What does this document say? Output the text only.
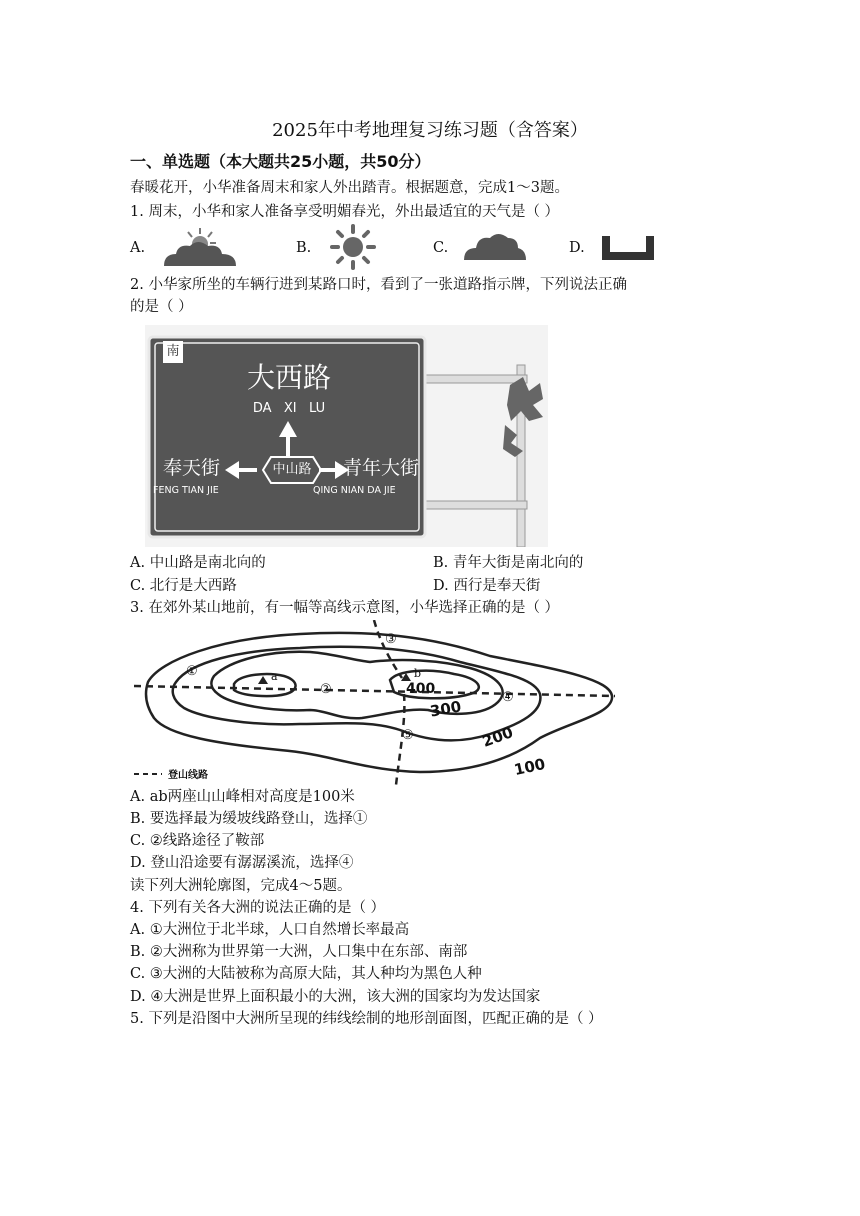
2025年中考地理复习练习题（含答案）
一、单选题（本大题共25小题，共50分）
春暖花开，小华准备周末和家人外出踏青。根据题意，完成1～3题。
1. 周末，小华和家人准备享受明媚春光，外出最适宜的天气是（ ）
A.	B.	C.	D.
2. 小华家所坐的车辆行进到某路口时，看到了一张道路指示牌，下列说法正确
的是（ ）
南
大西路
DA   XI   LU
中山路
奉天街
FENG TIAN JIE
青年大街
QING NIAN DA JIE
A. 中山路是南北向的	B. 青年大街是南北向的
C. 北行是大西路	D. 西行是奉天街
3. 在郊外某山地前，有一幅等高线示意图，小华选择正确的是（ ）
①
②
③
④
⑤
a	b
100
200
300
400
登山线路
A. ab两座山山峰相对高度是100米
B. 要选择最为缓坡线路登山，选择①
C. ②线路途径了鞍部
D. 登山沿途要有潺潺溪流，选择④
读下列大洲轮廓图，完成4～5题。
4. 下列有关各大洲的说法正确的是（ ）
A. ①大洲位于北半球，人口自然增长率最高
B. ②大洲称为世界第一大洲，人口集中在东部、南部
C. ③大洲的大陆被称为高原大陆，其人种均为黑色人种
D. ④大洲是世界上面积最小的大洲，该大洲的国家均为发达国家
5. 下列是沿图中大洲所呈现的纬线绘制的地形剖面图，匹配正确的是（ ）
